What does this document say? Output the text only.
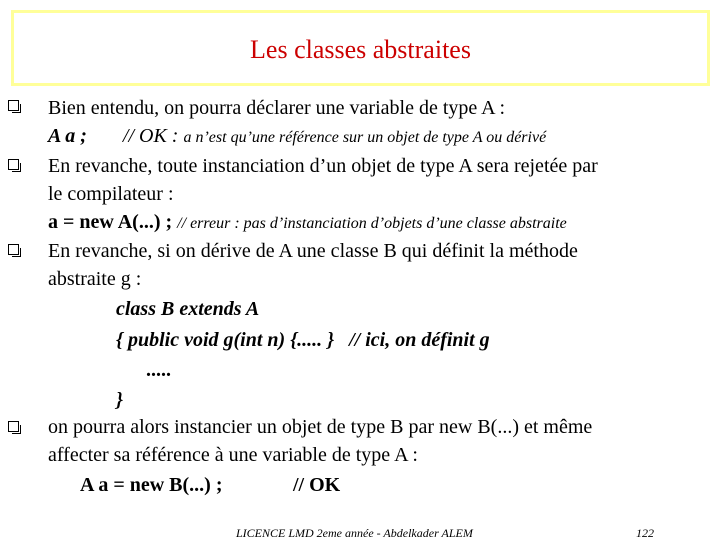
Les classes abstraites
Bien entendu, on pourra déclarer une variable de type A :
A a ; // OK : a n’est qu’une référence sur un objet de type A ou dérivé
En revanche, toute instanciation d’un objet de type A sera rejetée par
le compilateur :
a = new A(...) ; // erreur : pas d’instanciation d’objets d’une classe abstraite
En revanche, si on dérive de A une classe B qui définit la méthode
abstraite g :
class B extends A
{ public void g(int n) {..... }   // ici, on définit g
.....
}
on pourra alors instancier un objet de type B par new B(...) et même
affecter sa référence à une variable de type A :
A a = new B(...) ;	// OK
LICENCE LMD 2eme année - Abdelkader ALEM	122
